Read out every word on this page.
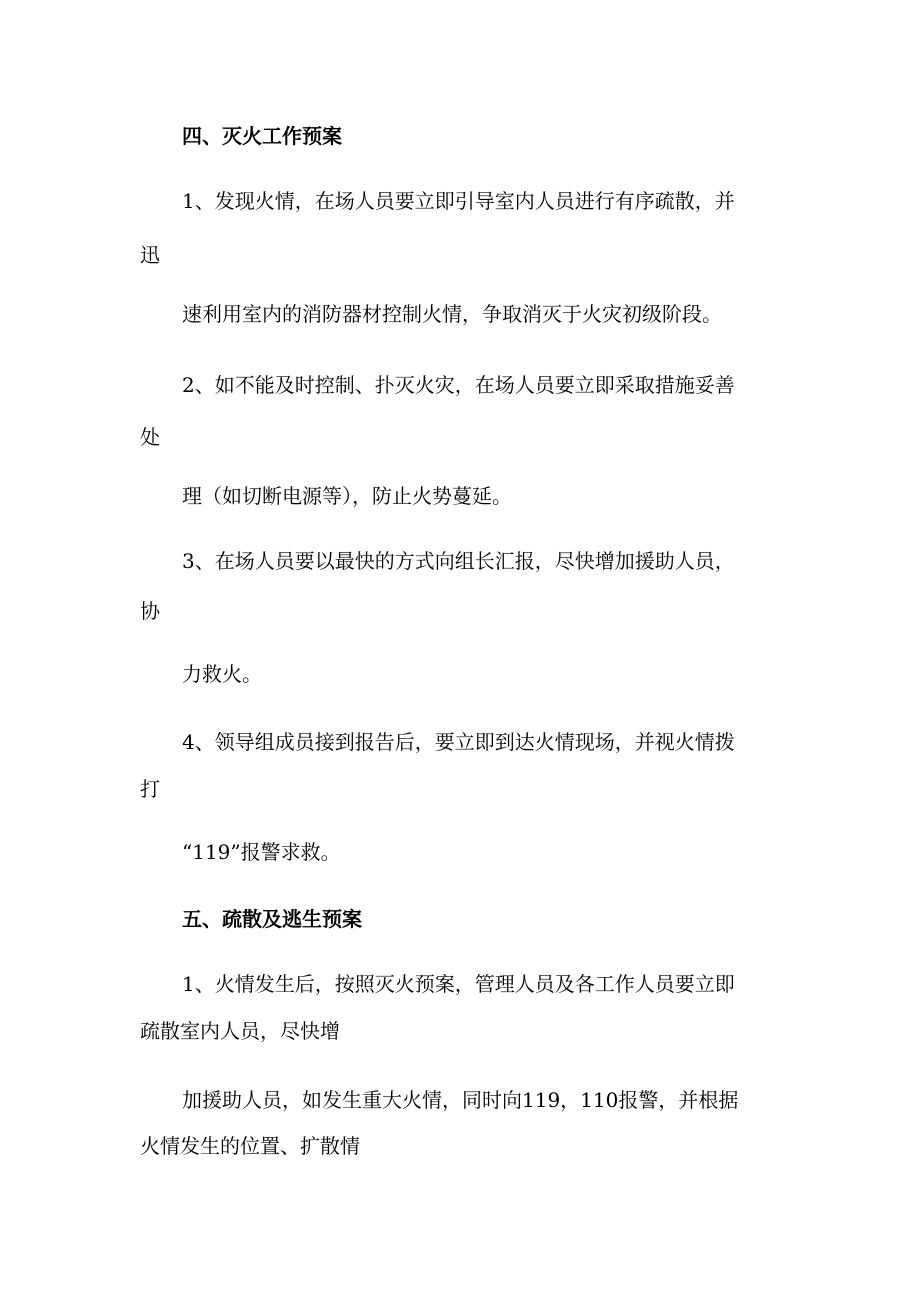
四、灭火工作预案
1、发现火情，在场人员要立即引导室内人员进行有序疏散，并
迅
速利用室内的消防器材控制火情，争取消灭于火灾初级阶段。
2、如不能及时控制、扑灭火灾，在场人员要立即采取措施妥善
处
理（如切断电源等），防止火势蔓延。
3、在场人员要以最快的方式向组长汇报，尽快增加援助人员，
协
力救火。
4、领导组成员接到报告后，要立即到达火情现场，并视火情拨
打
“119”报警求救。
五、疏散及逃生预案
1、火情发生后，按照灭火预案，管理人员及各工作人员要立即
加援助人员，如发生重大火情，同时向119，110报警，并根据
疏散室内人员，尽快增
火情发生的位置、扩散情
